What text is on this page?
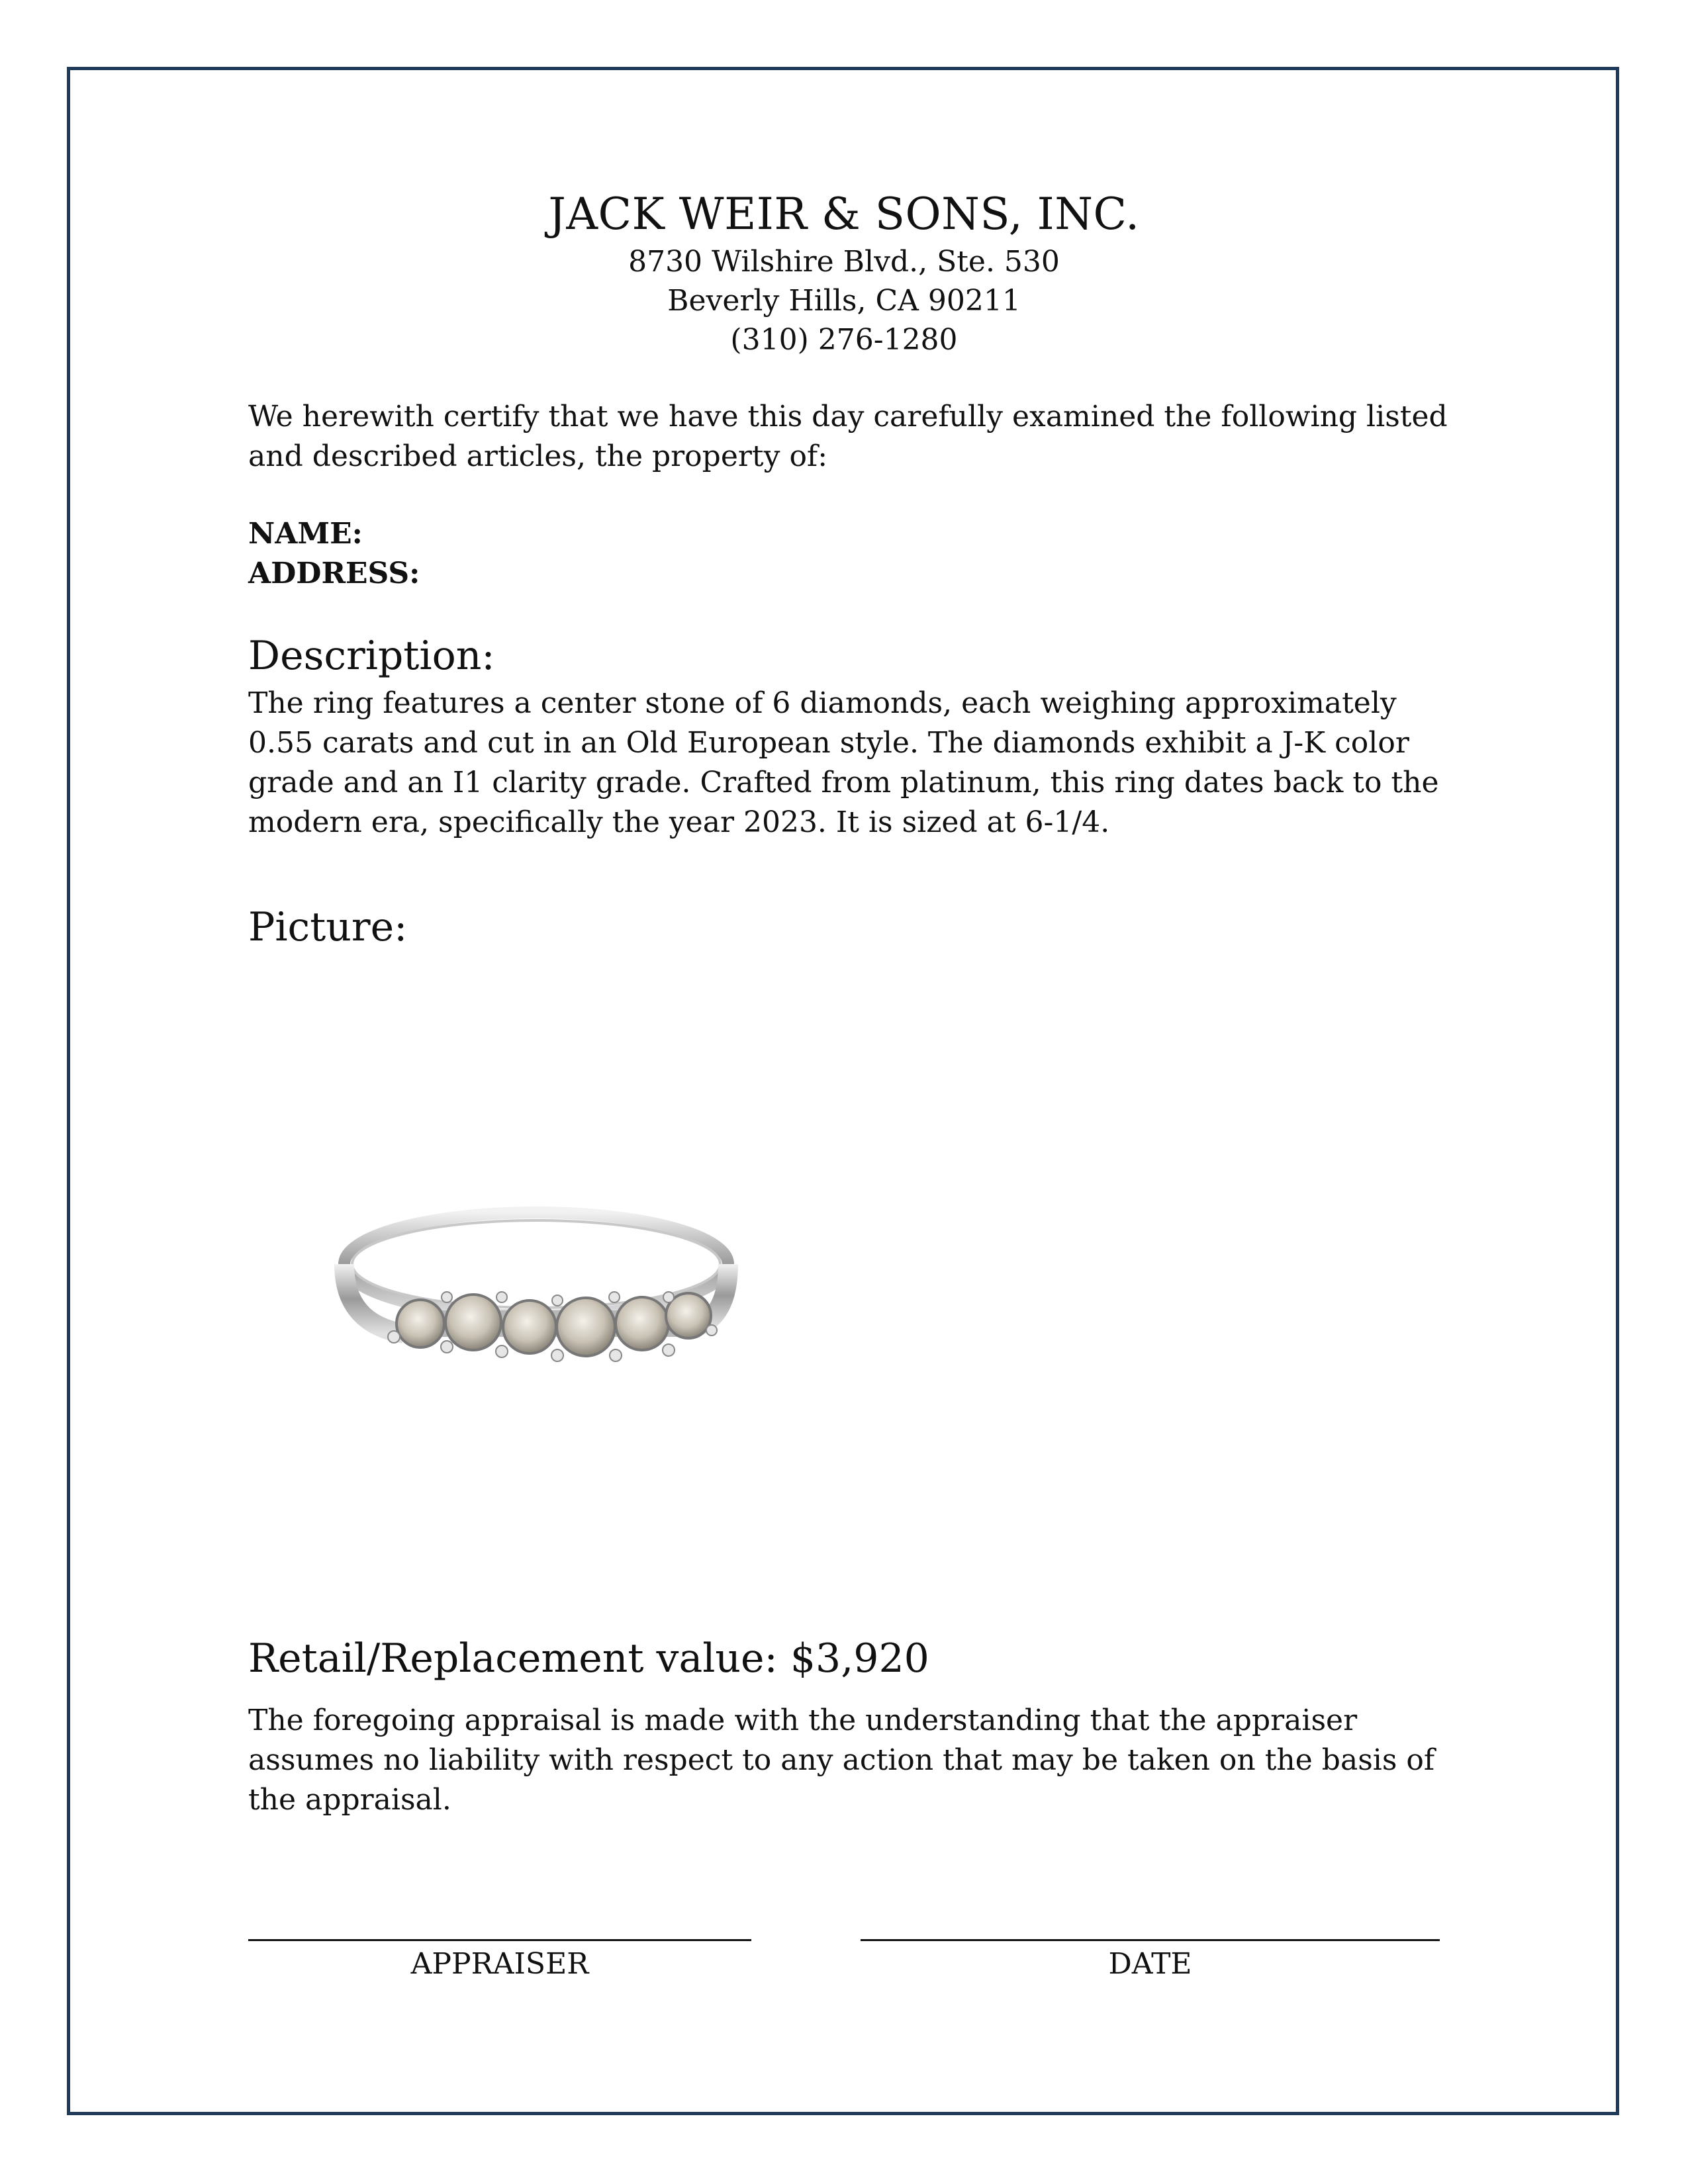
JACK WEIR & SONS, INC.
8730 Wilshire Blvd., Ste. 530
Beverly Hills, CA 90211
(310) 276-1280
We herewith certify that we have this day carefully examined the following listed and described articles, the property of:
NAME:
ADDRESS:
Description:
The ring features a center stone of 6 diamonds, each weighing approximately 0.55 carats and cut in an Old European style. The diamonds exhibit a J-K color grade and an I1 clarity grade. Crafted from platinum, this ring dates back to the modern era, specifically the year 2023. It is sized at 6-1/4.
Picture:
Retail/Replacement value: $3,920
The foregoing appraisal is made with the understanding that the appraiser assumes no liability with respect to any action that may be taken on the basis of the appraisal.
APPRAISER	DATE
